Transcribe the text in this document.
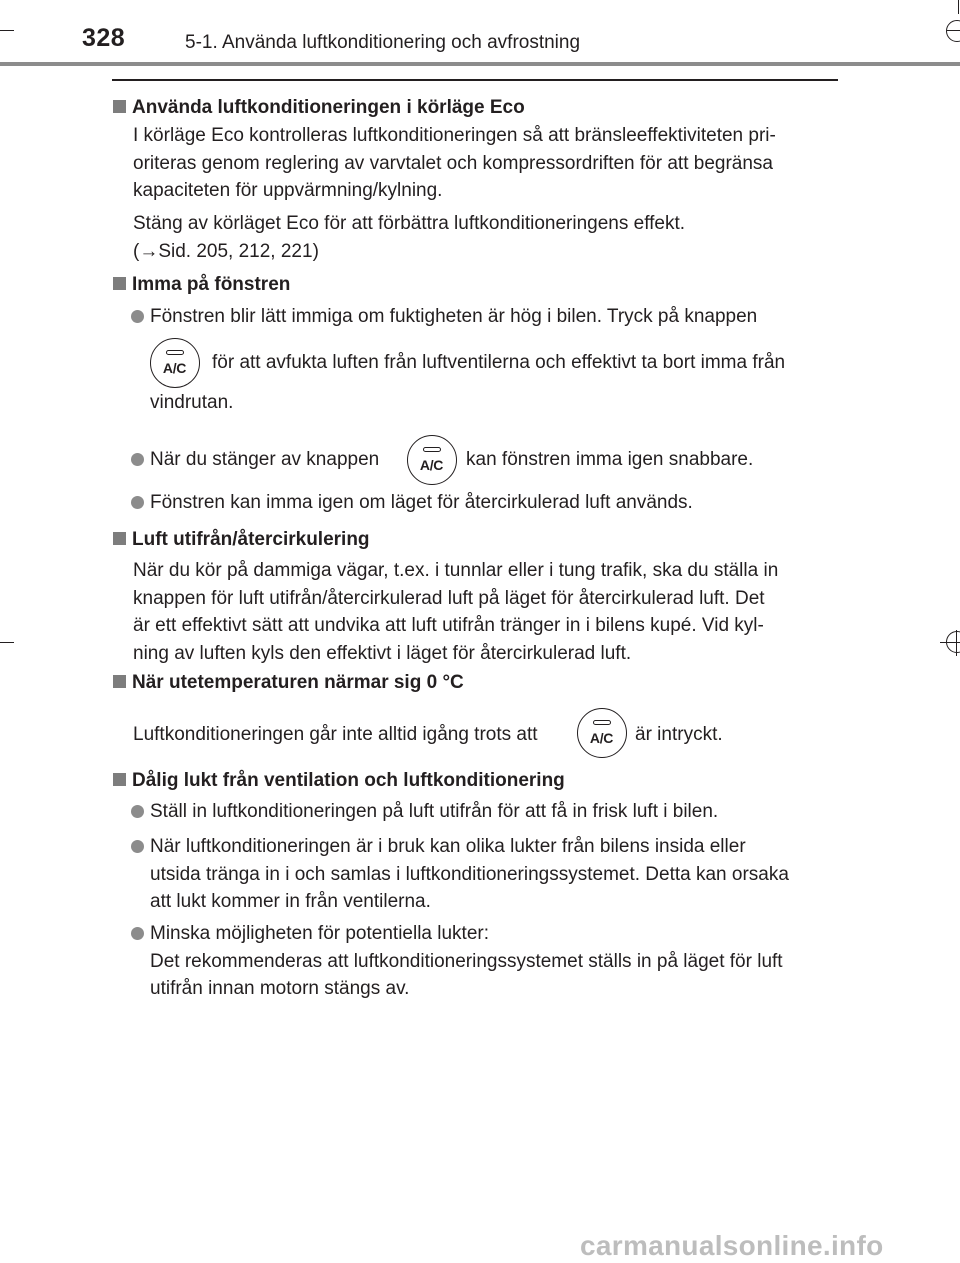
328	5-1. Använda luftkonditionering och avfrostning
Använda luftkonditioneringen i körläge Eco
I körläge Eco kontrolleras luftkonditioneringen så att bränsleeffektiviteten pri-
oriteras genom reglering av varvtalet och kompressordriften för att begränsa
kapaciteten för uppvärmning/kylning.
Stäng av körläget Eco för att förbättra luftkonditioneringens effekt.
(→Sid. 205, 212, 221)
Imma på fönstren
Fönstren blir lätt immiga om fuktigheten är hög i bilen. Tryck på knappen
A/C	för att avfukta luften från luftventilerna och effektivt ta bort imma från
vindrutan.
När du stänger av knappen	A/C	kan fönstren imma igen snabbare.
Fönstren kan imma igen om läget för återcirkulerad luft används.
Luft utifrån/återcirkulering
När du kör på dammiga vägar, t.ex. i tunnlar eller i tung trafik, ska du ställa in
knappen för luft utifrån/återcirkulerad luft på läget för återcirkulerad luft. Det
är ett effektivt sätt att undvika att luft utifrån tränger in i bilens kupé. Vid kyl-
ning av luften kyls den effektivt i läget för återcirkulerad luft.
När utetemperaturen närmar sig 0 °C
Luftkonditioneringen går inte alltid igång trots att	A/C	är intryckt.
Dålig lukt från ventilation och luftkonditionering
Ställ in luftkonditioneringen på luft utifrån för att få in frisk luft i bilen.
När luftkonditioneringen är i bruk kan olika lukter från bilens insida eller
utsida tränga in i och samlas i luftkonditioneringssystemet. Detta kan orsaka
att lukt kommer in från ventilerna.
Minska möjligheten för potentiella lukter:
Det rekommenderas att luftkonditioneringssystemet ställs in på läget för luft
utifrån innan motorn stängs av.
carmanualsonline.info
